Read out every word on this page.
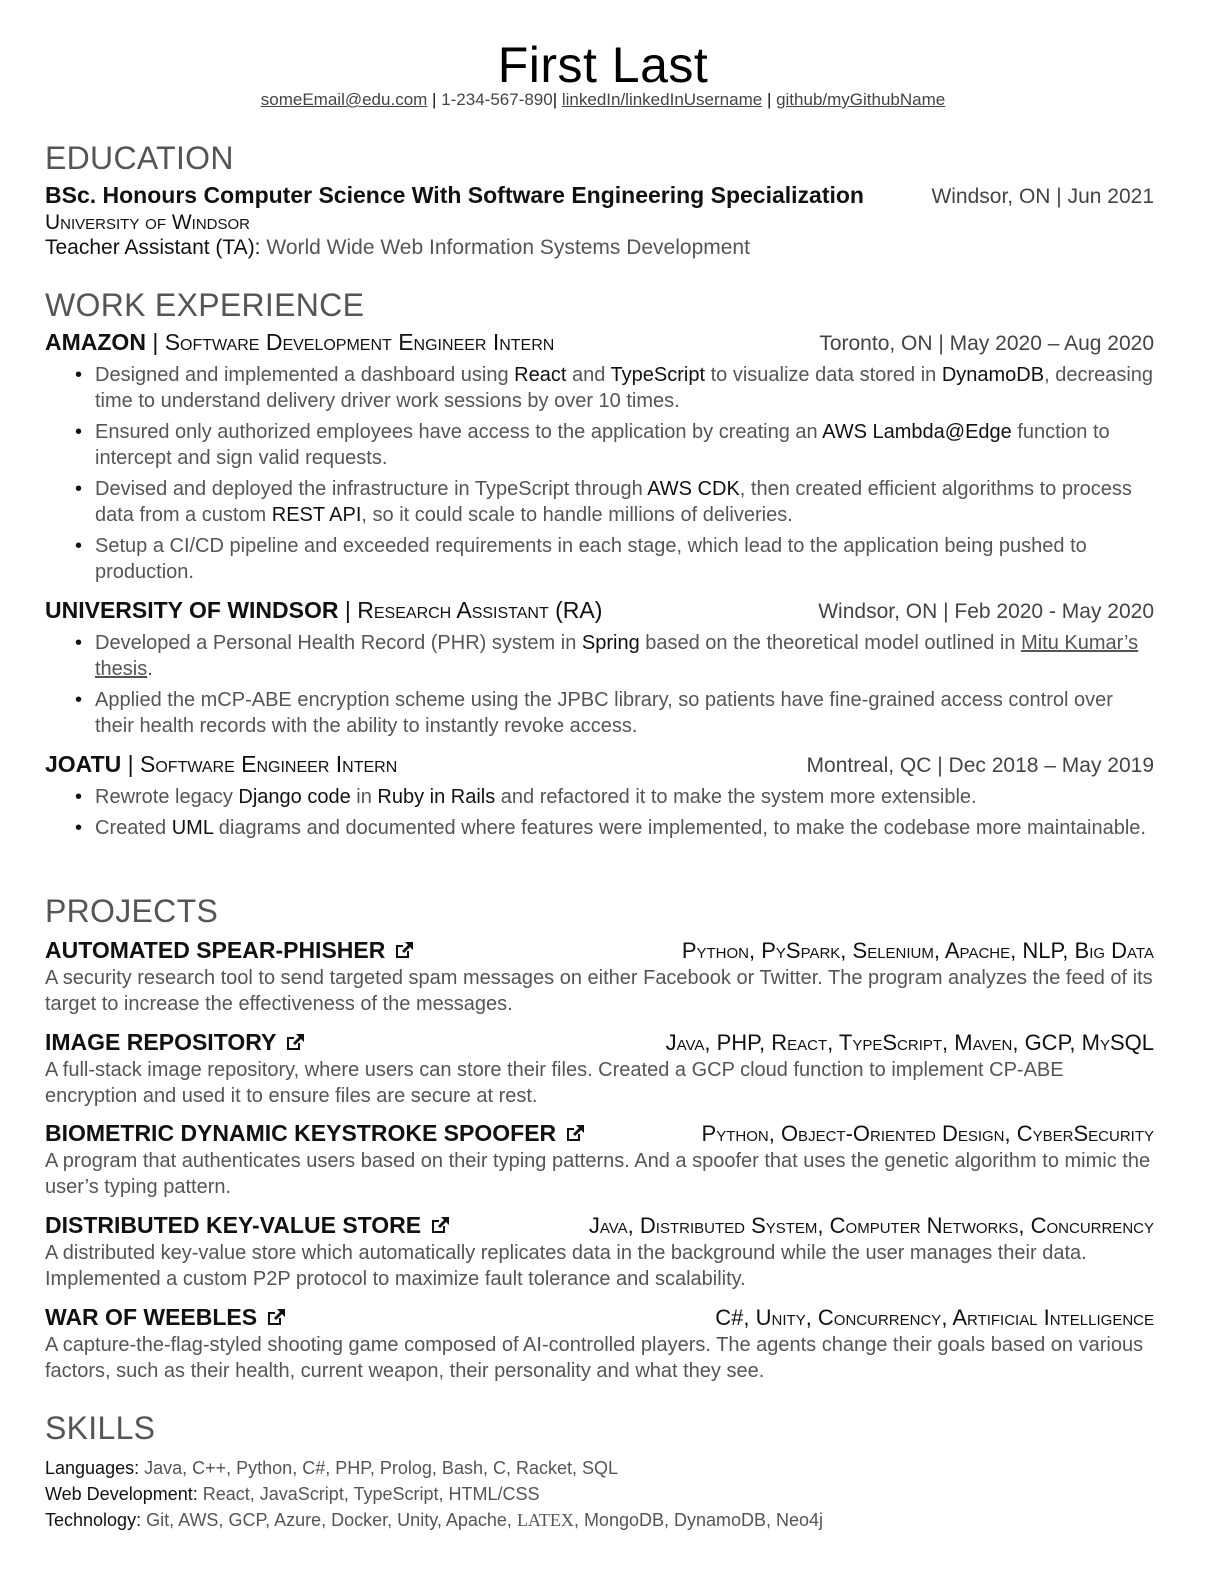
First Last
someEmail@edu.com | 1-234-567-890| linkedIn/linkedInUsername | github/myGithubName
EDUCATION
BSc. Honours Computer Science With Software Engineering Specialization	Windsor, ON | Jun 2021
University of Windsor
Teacher Assistant (TA): World Wide Web Information Systems Development
WORK EXPERIENCE
AMAZON | Software Development Engineer Intern	Toronto, ON | May 2020 – Aug 2020
• Designed and implemented a dashboard using React and TypeScript to visualize data stored in DynamoDB, decreasing time to understand delivery driver work sessions by over 10 times.
• Ensured only authorized employees have access to the application by creating an AWS Lambda@Edge function to intercept and sign valid requests.
• Devised and deployed the infrastructure in TypeScript through AWS CDK, then created efficient algorithms to process data from a custom REST API, so it could scale to handle millions of deliveries.
• Setup a CI/CD pipeline and exceeded requirements in each stage, which lead to the application being pushed to production.
UNIVERSITY OF WINDSOR | Research Assistant (RA)	Windsor, ON | Feb 2020 - May 2020
• Developed a Personal Health Record (PHR) system in Spring based on the theoretical model outlined in Mitu Kumar’s thesis.
• Applied the mCP-ABE encryption scheme using the JPBC library, so patients have fine-grained access control over their health records with the ability to instantly revoke access.
JOATU | Software Engineer Intern	Montreal, QC | Dec 2018 – May 2019
• Rewrote legacy Django code in Ruby in Rails and refactored it to make the system more extensible.
• Created UML diagrams and documented where features were implemented, to make the codebase more maintainable.
PROJECTS
AUTOMATED SPEAR-PHISHER	Python, PySpark, Selenium, Apache, NLP, Big Data
A security research tool to send targeted spam messages on either Facebook or Twitter. The program analyzes the feed of its target to increase the effectiveness of the messages.
IMAGE REPOSITORY	Java, PHP, React, TypeScript, Maven, GCP, MySQL
A full-stack image repository, where users can store their files. Created a GCP cloud function to implement CP-ABE encryption and used it to ensure files are secure at rest.
BIOMETRIC DYNAMIC KEYSTROKE SPOOFER	Python, Object-Oriented Design, CyberSecurity
A program that authenticates users based on their typing patterns. And a spoofer that uses the genetic algorithm to mimic the user’s typing pattern.
DISTRIBUTED KEY-VALUE STORE	Java, Distributed System, Computer Networks, Concurrency
A distributed key-value store which automatically replicates data in the background while the user manages their data. Implemented a custom P2P protocol to maximize fault tolerance and scalability.
WAR OF WEEBLES	C#, Unity, Concurrency, Artificial Intelligence
A capture-the-flag-styled shooting game composed of AI-controlled players. The agents change their goals based on various factors, such as their health, current weapon, their personality and what they see.
SKILLS
Languages: Java, C++, Python, C#, PHP, Prolog, Bash, C, Racket, SQL
Web Development: React, JavaScript, TypeScript, HTML/CSS
Technology: Git, AWS, GCP, Azure, Docker, Unity, Apache, LATEX, MongoDB, DynamoDB, Neo4j
